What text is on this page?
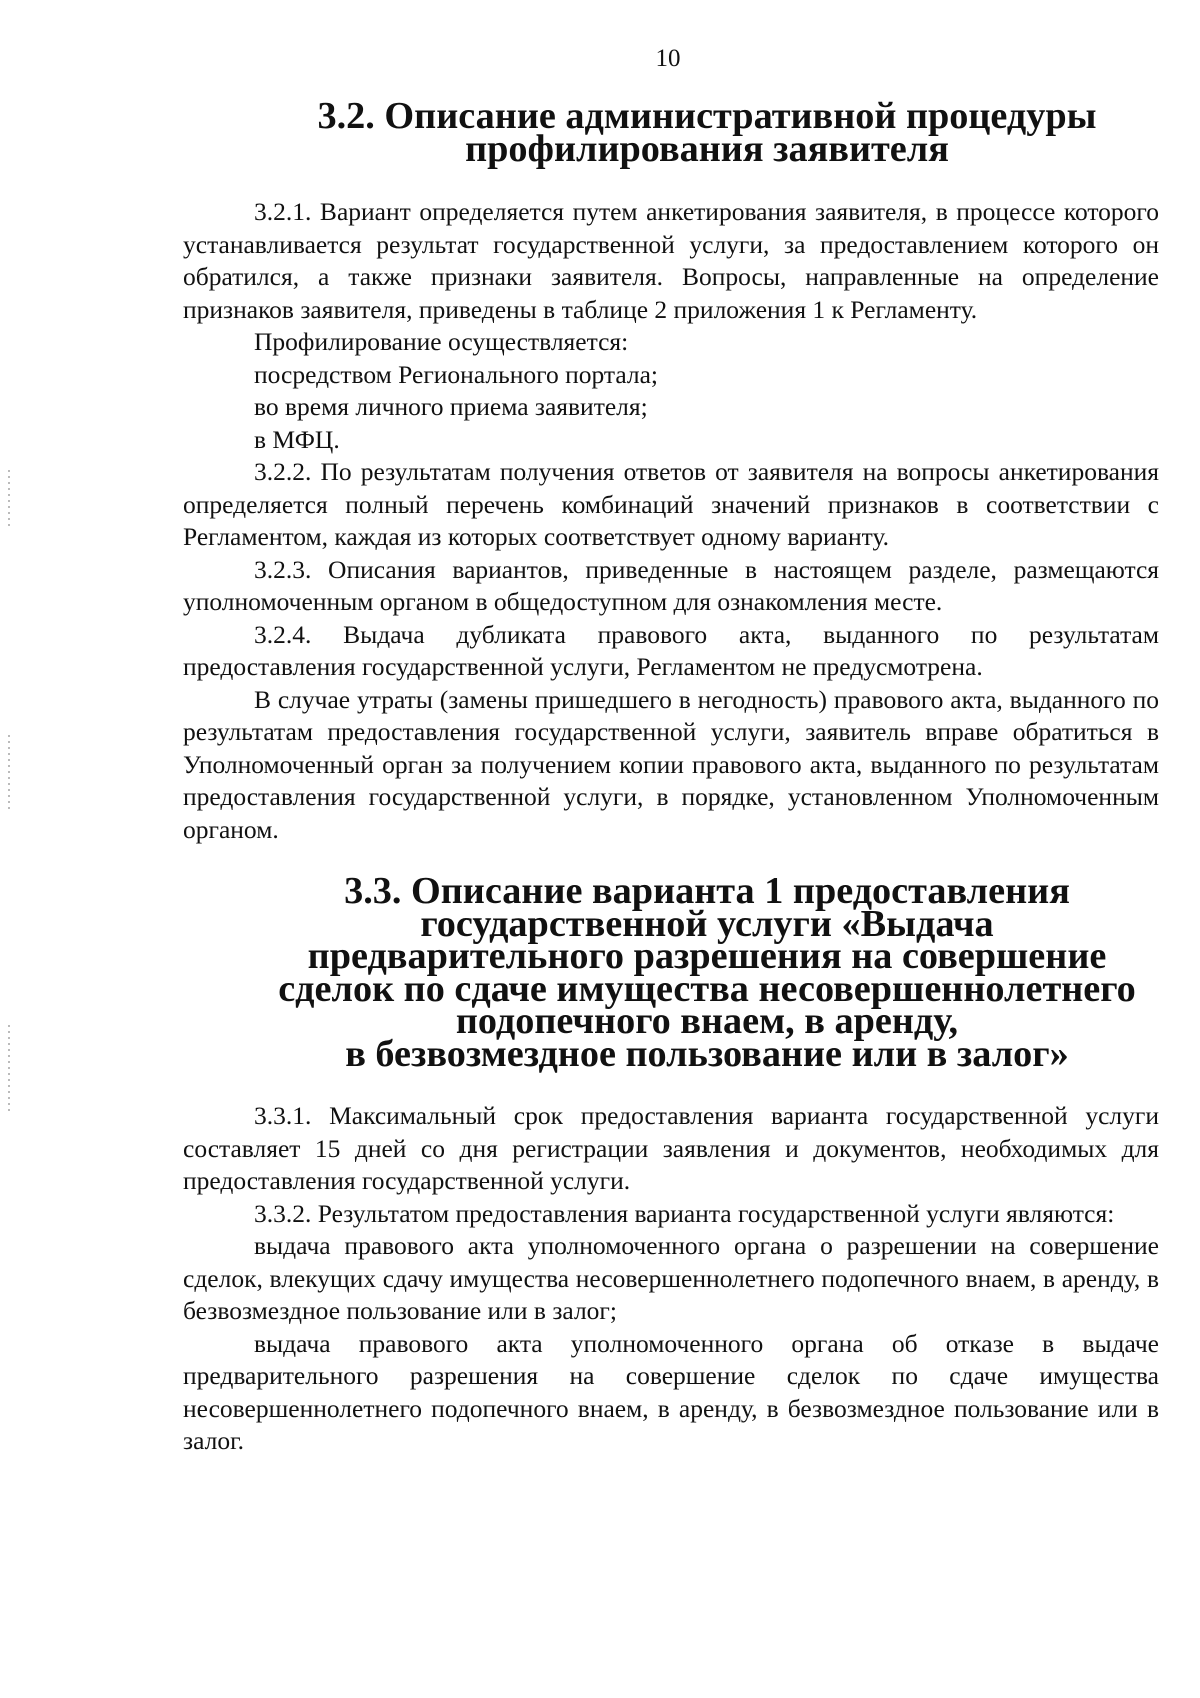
10
3.2. Описание административной процедуры
профилирования заявителя

3.2.1. Вариант определяется путем анкетирования заявителя, в процессе которого устанавливается результат государственной услуги, за предоставлением которого он обратился, а также признаки заявителя. Вопросы, направленные на определение признаков заявителя, приведены в таблице 2 приложения 1 к Регламенту.

Профилирование осуществляется:

посредством Регионального портала;

во время личного приема заявителя;

в МФЦ.

3.2.2. По результатам получения ответов от заявителя на вопросы анкетирования определяется полный перечень комбинаций значений признаков в соответствии с Регламентом, каждая из которых соответствует одному варианту.

3.2.3. Описания вариантов, приведенные в настоящем разделе, размещаются уполномоченным органом в общедоступном для ознакомления месте.

3.2.4. Выдача дубликата правового акта, выданного по результатам предоставления государственной услуги, Регламентом не предусмотрена.

В случае утраты (замены пришедшего в негодность) правового акта, выданного по результатам предоставления государственной услуги, заявитель вправе обратиться в Уполномоченный орган за получением копии правового акта, выданного по результатам предоставления государственной услуги, в порядке, установленном Уполномоченным органом.

3.3. Описание варианта 1 предоставления
государственной услуги «Выдача
предварительного разрешения на совершение
сделок по сдаче имущества несовершеннолетнего
подопечного внаем, в аренду,
в безвозмездное пользование или в залог»

3.3.1. Максимальный срок предоставления варианта государственной услуги составляет 15 дней со дня регистрации заявления и документов, необходимых для предоставления государственной услуги.

3.3.2. Результатом предоставления варианта государственной услуги являются:

выдача правового акта уполномоченного органа о разрешении на совершение сделок, влекущих сдачу имущества несовершеннолетнего подопечного внаем, в аренду, в безвозмездное пользование или в залог;

выдача правового акта уполномоченного органа об отказе в выдаче предварительного разрешения на совершение сделок по сдаче имущества несовершеннолетнего подопечного внаем, в аренду, в безвозмездное пользование или в залог.
